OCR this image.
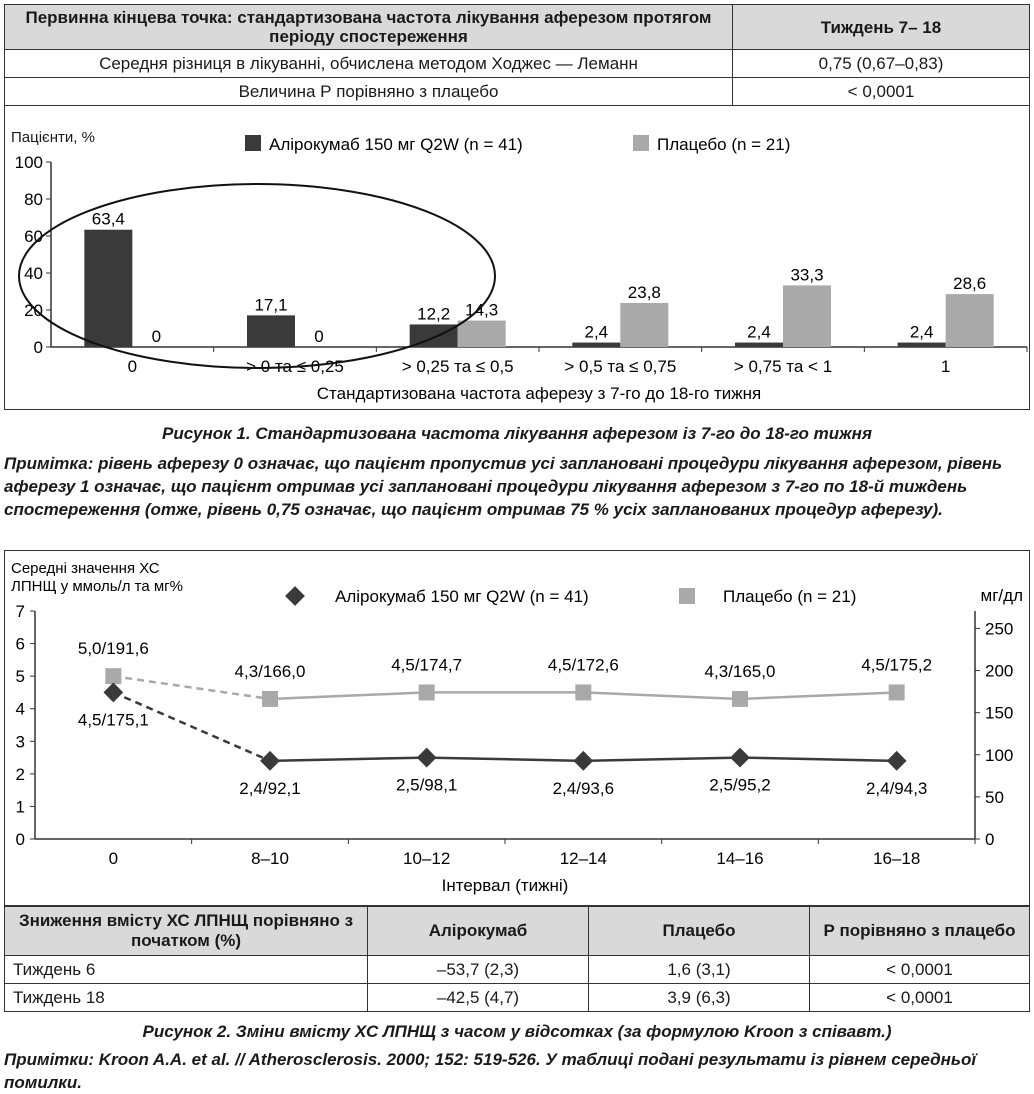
Первинна кінцева точка: стандартизована частота лікування аферезом протягом періоду спостереження	Тиждень 7– 18
Середня різниця в лікуванні, обчислена методом Ходжес — Леманн	0,75 (0,67–0,83)
Величина Р порівняно з плацебо	< 0,0001
Пацієнти, %	Алірокумаб 150 мг Q2W (n = 41)	Плацебо (n = 21)
0
20
40
60
80
100
0
63,4
0
> 0 та ≤ 0,25
17,1
0
> 0,25 та ≤ 0,5
12,2 14,3
> 0,5 та ≤ 0,75
2,4
23,8
> 0,75 та < 1
2,4
33,3
1
2,4
28,6
Стандартизована частота аферезу з 7-го до 18-го тижня
Рисунок 1. Стандартизована частота лікування аферезом із 7-го до 18-го тижня
Примітка: рівень аферезу 0 означає, що пацієнт пропустив усі заплановані процедури лікування аферезом, рівень аферезу 1 означає, що пацієнт отримав усі заплановані процедури лікування аферезом з 7-го по 18-й тиждень спостереження (отже, рівень 0,75 означає, що пацієнт отримав 75 % усіх запланованих процедур аферезу).
Середні значення ХС ЛПНЩ у ммоль/л та мг%	мг/дл
Алірокумаб 150 мг Q2W (n = 41)	Плацебо (n = 21)
0
1
2
3
4
5
6
7
0
50
100
150
200
250
0	8–10	10–12	12–14	14–16	16–18
Інтервал (тижні)
5,0/191,6
4,3/166,0	4,5/174,7	4,5/172,6	4,3/165,0	4,5/175,2
4,5/175,1
2,4/92,1	2,5/98,1	2,4/93,6	2,5/95,2	2,4/94,3
Зниження вмісту ХС ЛПНЩ порівняно з початком (%)	Алірокумаб	Плацебо	Р порівняно з плацебо
Тиждень 6	–53,7 (2,3)	1,6 (3,1)	< 0,0001
Тиждень 18	–42,5 (4,7)	3,9 (6,3)	< 0,0001
Рисунок 2. Зміни вмісту ХС ЛПНЩ з часом у відсотках (за формулою Kroon з співавт.)
Примітки: Kroon A.A. et al. // Atherosclerosis. 2000; 152: 519-526. У таблиці подані результати із рівнем середньої помилки.
